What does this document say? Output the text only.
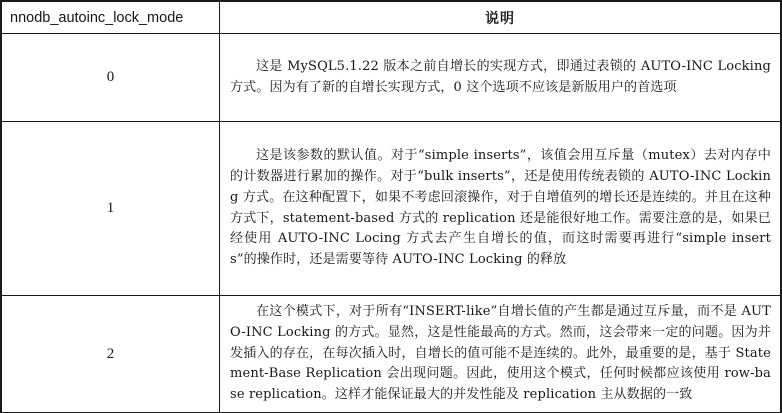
nnodb_autoinc_lock_mode	说明
0	这是 MySQL5.1.22 版本之前自增长的实现方式，即通过表锁的 AUTO-INC Locking 方式。因为有了新的自增长实现方式，0 这个选项不应该是新版用户的首选项

1	这是该参数的默认值。对于“simple inserts”，该值会用互斥量（mutex）去对内存中的计数器进行累加的操作。对于“bulk inserts”，还是使用传统表锁的 AUTO-INC Locking 方式。在这种配置下，如果不考虑回滚操作，对于自增值列的增长还是连续的。并且在这种方式下，statement-based 方式的 replication 还是能很好地工作。需要注意的是，如果已经使用 AUTO-INC Locing 方式去产生自增长的值，而这时需要再进行“simple inserts”的操作时，还是需要等待 AUTO-INC Locking 的释放

2	在这个模式下，对于所有“INSERT-like”自增长值的产生都是通过互斥量，而不是 AUTO-INC Locking 的方式。显然，这是性能最高的方式。然而，这会带来一定的问题。因为并发插入的存在，在每次插入时，自增长的值可能不是连续的。此外，最重要的是，基于 Statement-Base Replication 会出现问题。因此，使用这个模式，任何时候都应该使用 row-base replication。这样才能保证最大的并发性能及 replication 主从数据的一致
